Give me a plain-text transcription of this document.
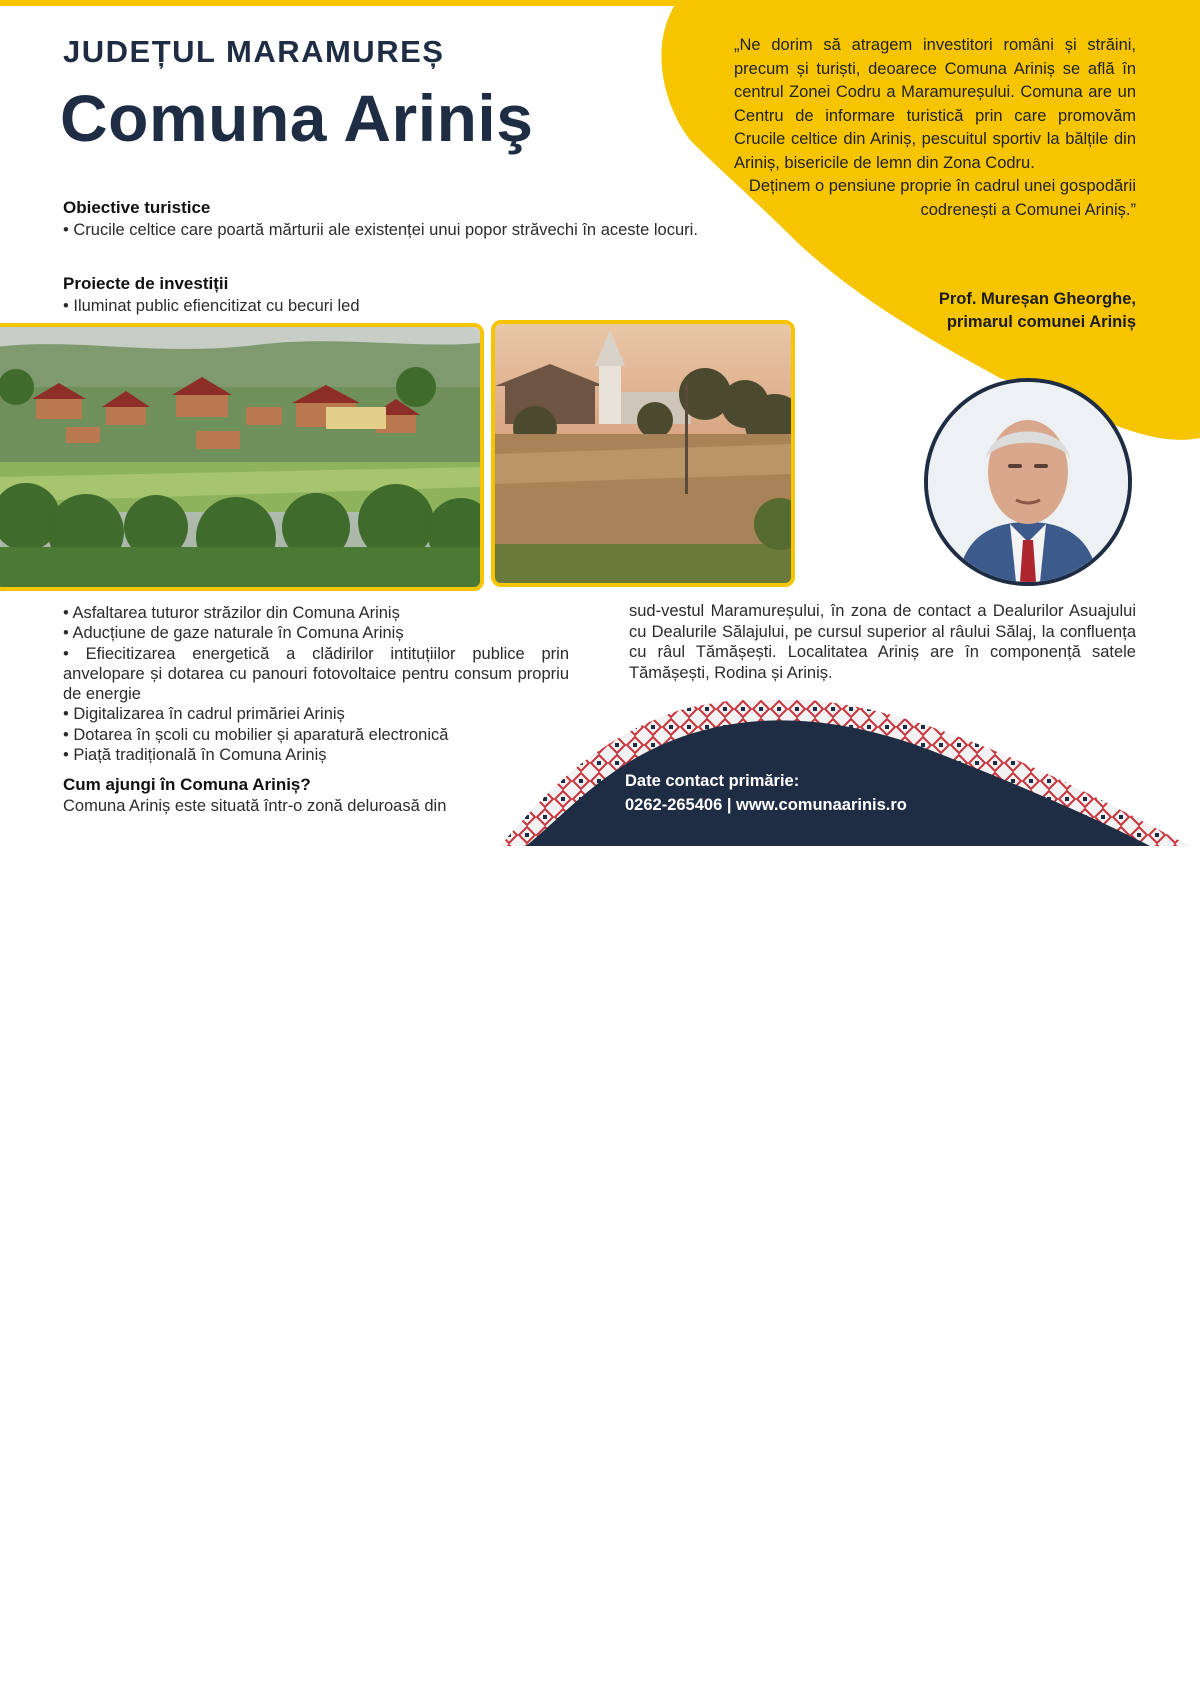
JUDEȚUL MARAMUREȘ
Comuna Ariniş
„Ne dorim să atragem investitori români și străini, precum și turiști, deoarece Comuna Ariniș se află în centrul Zonei Codru a Maramureșului. Comuna are un Centru de informare turistică prin care promovăm Crucile celtice din Ariniș, pescuitul sportiv la bălțile din Ariniș, bisericile de lemn din Zona Codru.
Deținem o pensiune proprie în cadrul unei gospodării codrenești a Comunei Ariniș.”
Prof. Mureșan Gheorghe,
primarul comunei Ariniș
Obiective turistice

• Crucile celtice care poartă mărturii ale existenței unui popor străvechi în aceste locuri.

Proiecte de investiții

• Iluminat public efiencitizat cu becuri led

• Asfaltarea tuturor străzilor din Comuna Ariniș
• Aducțiune de gaze naturale în Comuna Ariniș
• Efiecitizarea energetică a clădirilor intituțiilor publice prin anvelopare și dotarea cu panouri fotovoltaice pentru consum propriu de energie
• Digitalizarea în cadrul primăriei Ariniș
• Dotarea în școli cu mobilier și aparatură electronică
• Piață tradițională în Comuna Ariniș
Cum ajungi în Comuna Ariniș?

Comuna Ariniș este situată într-o zonă deluroasă din

sud-vestul Maramureșului, în zona de contact a Dealurilor Asuajului cu Dealurile Sălajului, pe cursul superior al râului Sălaj, la confluența cu râul Tămășești. Localitatea Ariniș are în componență satele Tămășești, Rodina și Ariniș.

Date contact primărie:

0262-265406 | www.comunaarinis.ro
